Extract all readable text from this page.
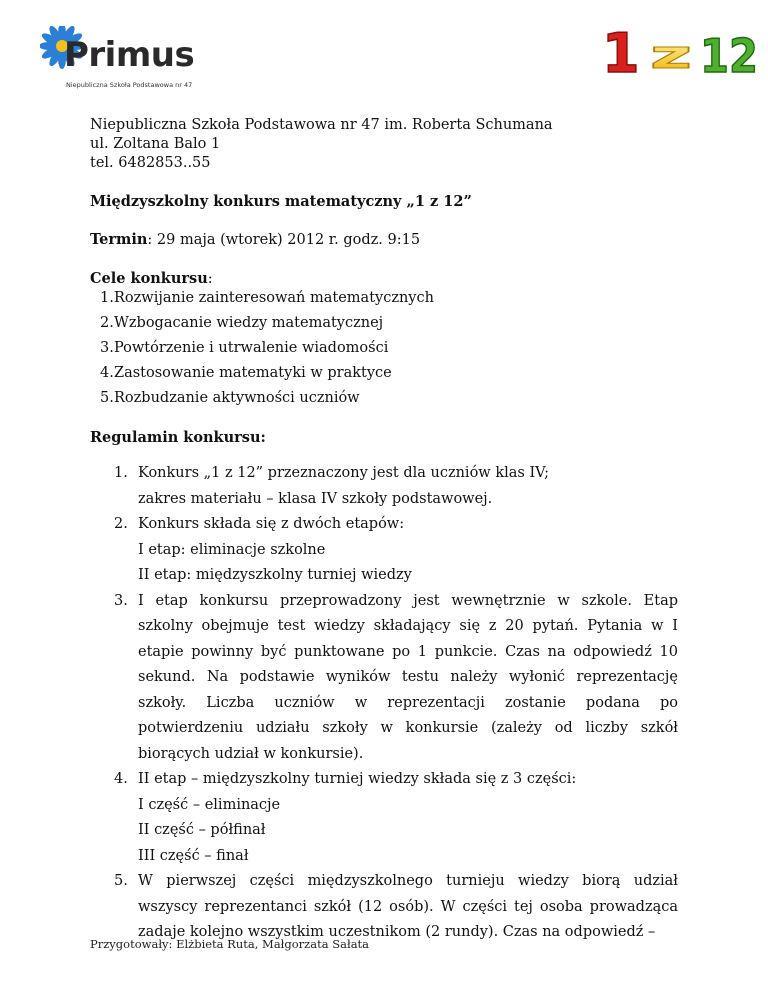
Primus
Niepubliczna Szkoła Podstawowa nr 47	1 z 12

Niepubliczna Szkoła Podstawowa nr 47 im. Roberta Schumana

ul. Zoltana Balo 1

tel. 6482853..55

Międzyszkolny konkurs matematyczny „1 z 12”

Termin: 29 maja (wtorek) 2012 r. godz. 9:15

Cele konkursu:

1. Rozwijanie zainteresowań matematycznych
2. Wzbogacanie wiedzy matematycznej
3. Powtórzenie i utrwalenie wiadomości
4. Zastosowanie matematyki w praktyce
5. Rozbudzanie aktywności uczniów

Regulamin konkursu:

1. Konkurs „1 z 12” przeznaczony jest dla uczniów klas IV;
zakres materiału – klasa IV szkoły podstawowej.
2. Konkurs składa się z dwóch etapów:
I etap: eliminacje szkolne
II etap: międzyszkolny turniej wiedzy
3. I etap konkursu przeprowadzony jest wewnętrznie w szkole. Etap szkolny obejmuje test wiedzy składający się z 20 pytań. Pytania w I etapie powinny być punktowane po 1 punkcie. Czas na odpowiedź 10 sekund. Na podstawie wyników testu należy wyłonić reprezentację szkoły. Liczba uczniów w reprezentacji zostanie podana po potwierdzeniu udziału szkoły w konkursie (zależy od liczby szkół biorących udział w konkursie).
4. II etap – międzyszkolny turniej wiedzy składa się z 3 części:
I część – eliminacje
II część – półfinał
III część – finał
5. W pierwszej części międzyszkolnego turnieju wiedzy biorą udział wszyscy reprezentanci szkół (12 osób). W części tej osoba prowadząca zadaje kolejno wszystkim uczestnikom (2 rundy). Czas na odpowiedź –
Przygotowały: Elżbieta Ruta, Małgorzata Sałata
